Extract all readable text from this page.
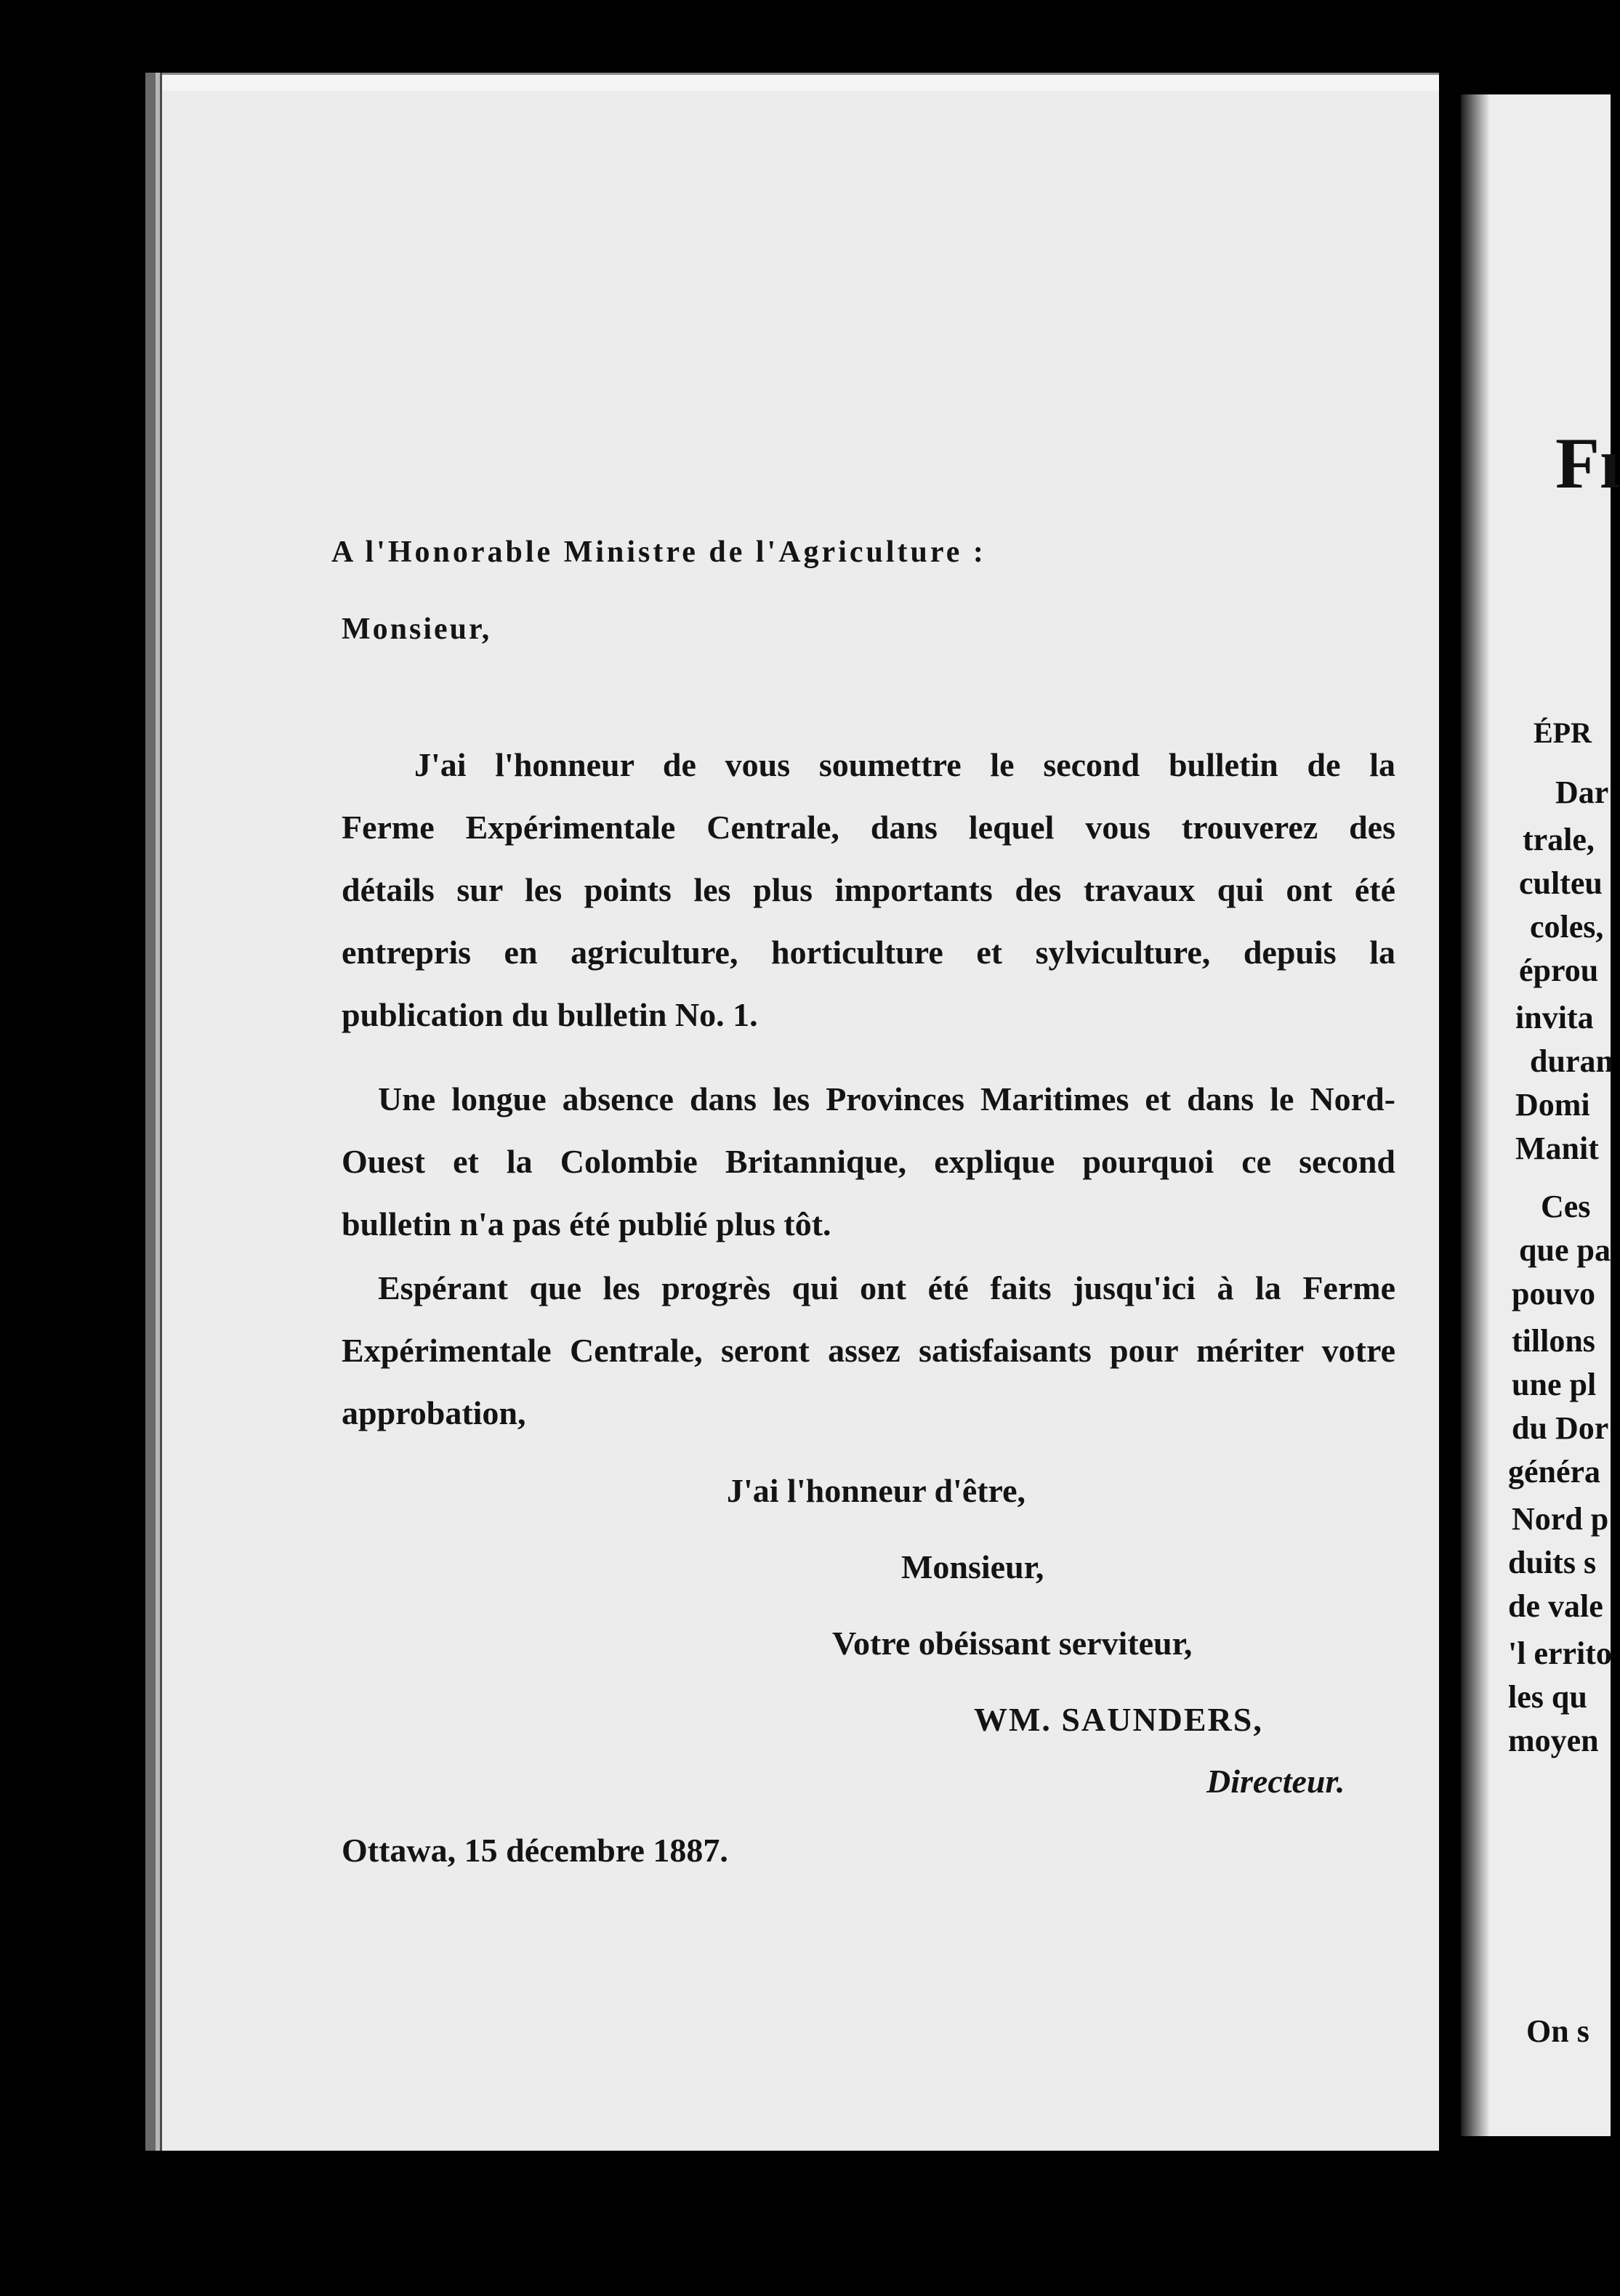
A l'Honorable Ministre de l'Agriculture :
Monsieur,
J'ai l'honneur de vous soumettre le second bulletin de la
Ferme Expérimentale Centrale, dans lequel vous trouverez des
détails sur les points les plus importants des travaux qui ont été
entrepris en agriculture, horticulture et sylviculture, depuis la
publication du bulletin No. 1.
Une longue absence dans les Provinces Maritimes et dans le Nord-
Ouest et la Colombie Britannique, explique pourquoi ce second
bulletin n'a pas été publié plus tôt.
Espérant que les progrès qui ont été faits jusqu'ici à la Ferme
Expérimentale Centrale, seront assez satisfaisants pour mériter votre
approbation,
J'ai l'honneur d'être,
Monsieur,
Votre obéissant serviteur,
WM. SAUNDERS,
Directeur.
Ottawa, 15 décembre 1887.
Fı
ÉPR
Dar
trale,
culteu
coles,
éprou
invita
duran
Domi
Manit
Ces
que pa
pouvo
tillons
une pl
du Dor
généra
Nord p
duits s
de vale
'l errito
les qu
moyen
On s
